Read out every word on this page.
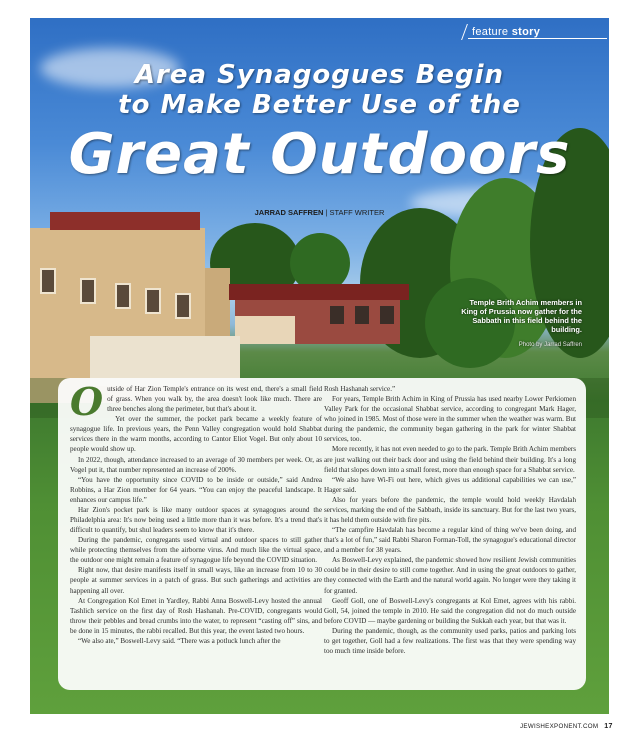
feature story
Area Synagogues Begin
to Make Better Use of the
Great Outdoors
JARRAD SAFFREN | STAFF WRITER
Temple Brith Achim members in King of Prussia now gather for the Sabbath in this field behind the building.
Photo by Jarrad Saffren

Outside of Har Zion Temple's entrance on its west end, there's a small field of grass. When you walk by, the area doesn't look like much. There are three benches along the perimeter, but that's about it.

Yet over the summer, the pocket park became a weekly feature of synagogue life. In previous years, the Penn Valley congregation would hold Shabbat services there in the warm months, according to Cantor Eliot Vogel. But only about 10 people would show up.

In 2022, though, attendance increased to an average of 30 members per week. Or, as Vogel put it, that number represented an increase of 200%.

“You have the opportunity since COVID to be inside or outside,” said Andrea Robbins, a Har Zion member for 64 years. “You can enjoy the peaceful landscape. It enhances our campus life.”

Har Zion's pocket park is like many outdoor spaces at synagogues around the Philadelphia area: It's now being used a little more than it was before. It's a trend that's difficult to quantify, but shul leaders seem to know that it's there.

During the pandemic, congregants used virtual and outdoor spaces to still gather while protecting themselves from the airborne virus. And much like the virtual space, the outdoor one might remain a feature of synagogue life beyond the COVID situation.

Right now, that desire manifests itself in small ways, like an increase from 10 to 30 people at summer services in a patch of grass. But such gatherings and activities are happening all over.

At Congregation Kol Emet in Yardley, Rabbi Anna Boswell-Levy hosted the annual Tashlich service on the first day of Rosh Hashanah. Pre-COVID, congregants would throw their pebbles and bread crumbs into the water, to represent “casting off” sins, and be done in 15 minutes, the rabbi recalled. But this year, the event lasted two hours.

“We also ate,” Boswell-Levy said. “There was a potluck lunch after the

Rosh Hashanah service.”

For years, Temple Brith Achim in King of Prussia has used nearby Lower Perkiomen Valley Park for the occasional Shabbat service, according to congregant Mark Hager, who joined in 1985. Most of those were in the summer when the weather was warm. But during the pandemic, the community began gathering in the park for winter Shabbat services, too.

More recently, it has not even needed to go to the park. Temple Brith Achim members are just walking out their back door and using the field behind their building. It's a long field that slopes down into a small forest, more than enough space for a Shabbat service.

“We also have Wi-Fi out here, which gives us additional capabilities we can use,” Hager said.

Also for years before the pandemic, the temple would hold weekly Havdalah services, marking the end of the Sabbath, inside its sanctuary. But for the last two years, it has held them outside with fire pits.

“The campfire Havdalah has become a regular kind of thing we've been doing, and that's a lot of fun,” said Rabbi Sharon Forman-Toll, the synagogue's educational director and a member for 38 years.

As Boswell-Levy explained, the pandemic showed how resilient Jewish communities could be in their desire to still come together. And in using the great outdoors to gather, they connected with the Earth and the natural world again. No longer were they taking it for granted.

Geoff Goll, one of Boswell-Levy's congregants at Kol Emet, agrees with his rabbi. Goll, 54, joined the temple in 2010. He said the congregation did not do much outside before COVID — maybe gardening or building the Sukkah each year, but that was it.

During the pandemic, though, as the community used parks, patios and parking lots to get together, Goll had a few realizations. The first was that they were spending way too much time inside before.

JEWISHEXPONENT.COM 17
